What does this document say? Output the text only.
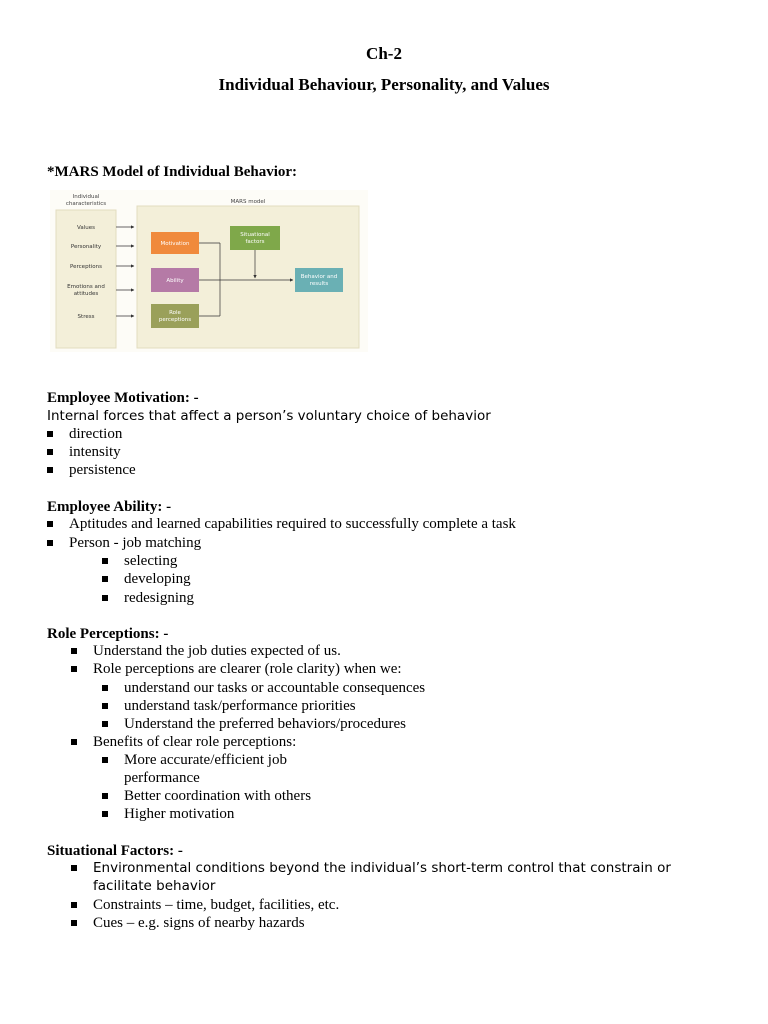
Ch-2
Individual Behaviour, Personality, and Values

*MARS Model of Individual Behavior:

Individual
characteristics
Values
Personality
Perceptions
Emotions and
attitudes
Stress
MARS model
Motivation
Ability
Role
perceptions
Situational
factors
Behavior and
results

Employee Motivation: -

Internal forces that affect a person’s voluntary choice of behavior

direction
intensity
persistence

Employee Ability: -

Aptitudes and learned capabilities required to successfully complete a task
Person - job matching
selecting
developing
redesigning

Role Perceptions: -

Understand the job duties expected of us.
Role perceptions are clearer (role clarity) when we:
understand our tasks or accountable consequences
understand task/performance priorities
Understand the preferred behaviors/procedures
Benefits of clear role perceptions:
More accurate/efficient job performance
Better coordination with others
Higher motivation

Situational Factors: -

Environmental conditions beyond the individual’s short-term control that constrain or facilitate behavior
Constraints – time, budget, facilities, etc.
Cues – e.g. signs of nearby hazards
